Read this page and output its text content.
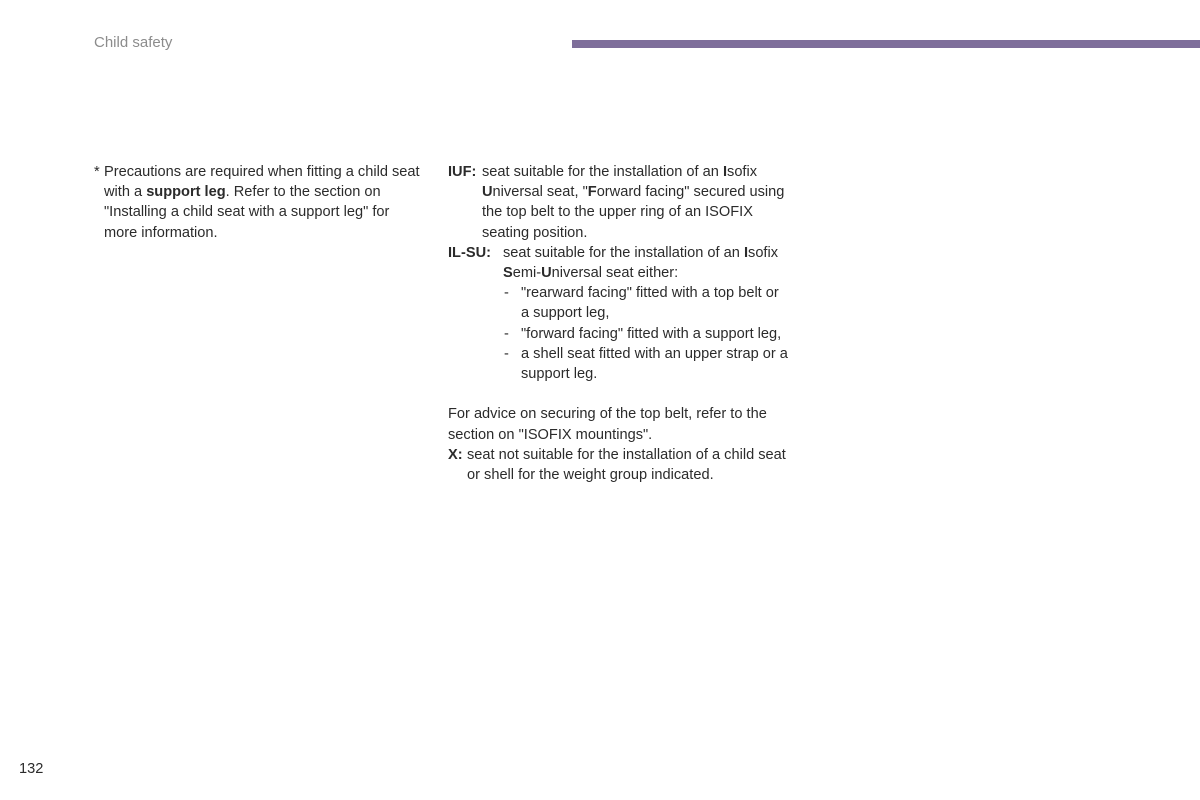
Child safety
* Precautions are required when fitting a child seat with a support leg. Refer to the section on "Installing a child seat with a support leg" for more information.
IUF: seat suitable for the installation of an Isofix Universal seat, "Forward facing" secured using the top belt to the upper ring of an ISOFIX seating position.
IL-SU: seat suitable for the installation of an Isofix Semi-Universal seat either:
- "rearward facing" fitted with a top belt or a support leg,
- "forward facing" fitted with a support leg,
- a shell seat fitted with an upper strap or a support leg.

For advice on securing of the top belt, refer to the section on "ISOFIX mountings".

X: seat not suitable for the installation of a child seat or shell for the weight group indicated.
132
